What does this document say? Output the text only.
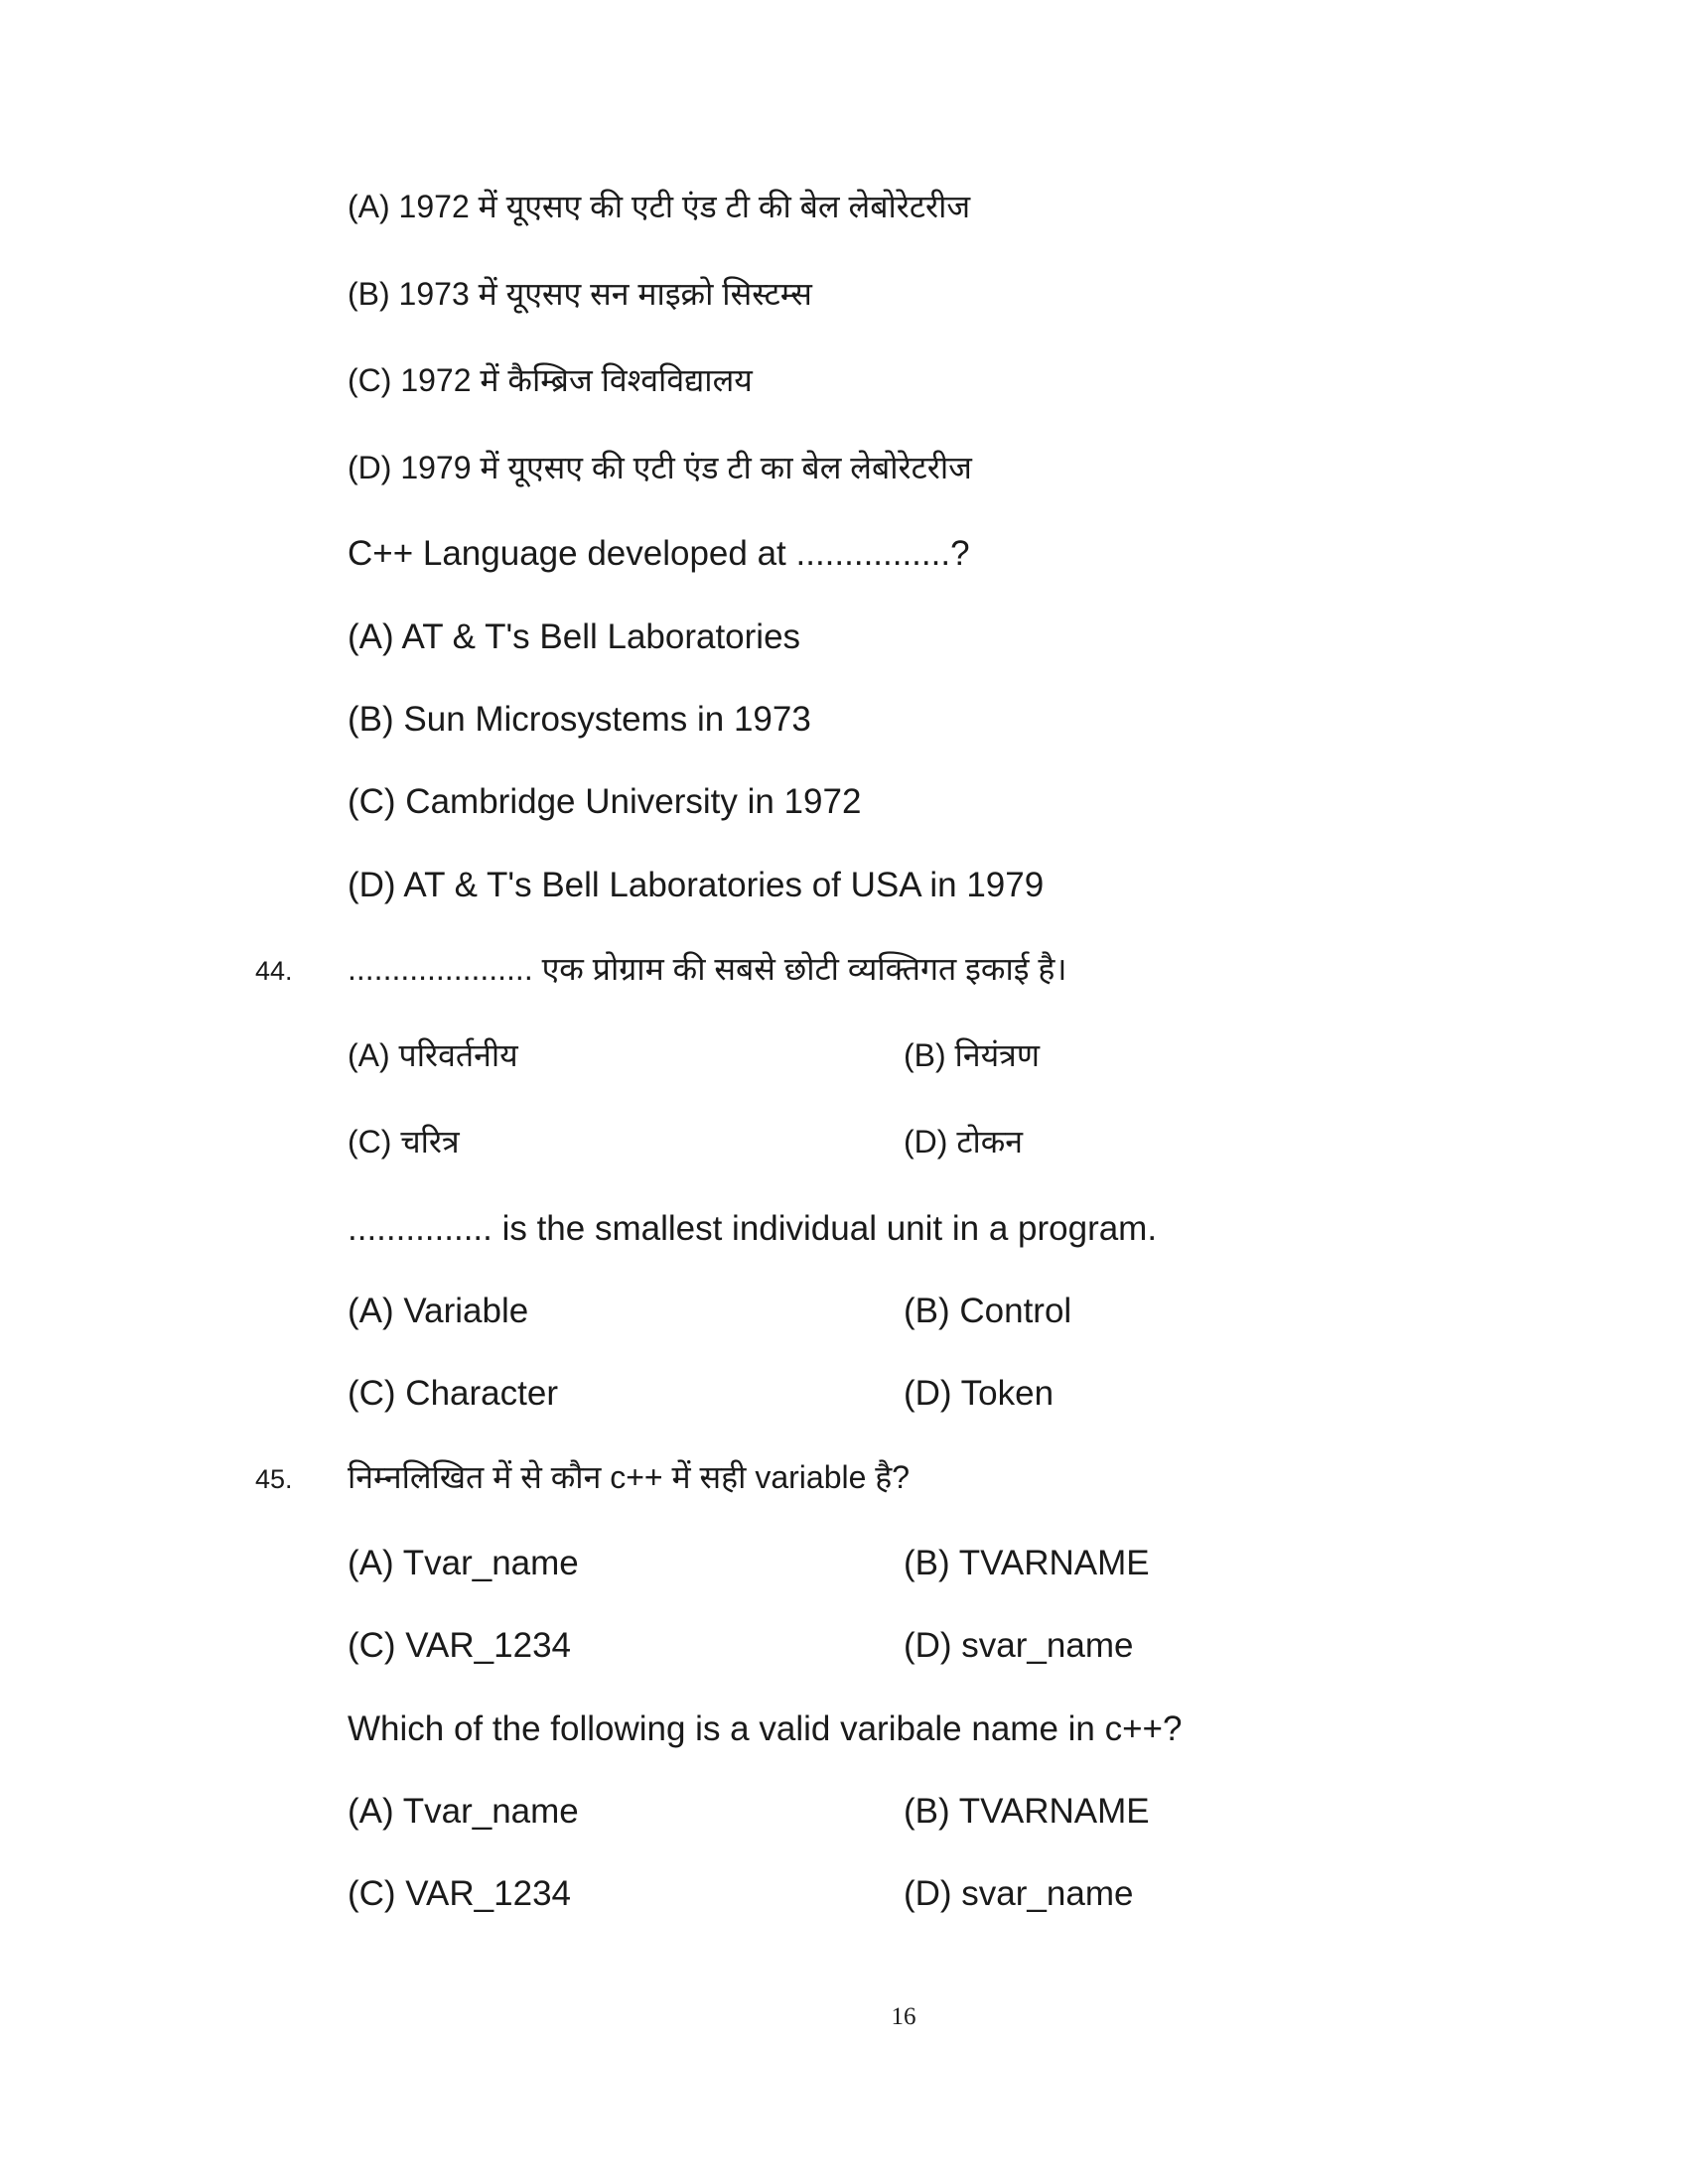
(A) 1972 में यूएसए की एटी एंड टी की बेल लेबोरेटरीज
(B) 1973 में यूएसए सन माइक्रो सिस्टम्स
(C) 1972 में कैम्ब्रिज विश्वविद्यालय
(D) 1979 में यूएसए की एटी एंड टी का बेल लेबोरेटरीज
C++ Language developed at ................?
(A) AT & T's Bell Laboratories
(B) Sun Microsystems in 1973
(C) Cambridge University in 1972
(D) AT & T's Bell Laboratories of USA in 1979
44. ..................... एक प्रोग्राम की सबसे छोटी व्यक्तिगत इकाई है।
(A) परिवर्तनीय	(B) नियंत्रण
(C) चरित्र	(D) टोकन
............... is the smallest individual unit in a program.
(A) Variable	(B) Control
(C) Character	(D) Token
45. निम्नलिखित में से कौन c++ में सही variable है?
(A) Tvar_name	(B) TVARNAME
(C) VAR_1234	(D) svar_name
Which of the following is a valid varibale name in c++?
(A) Tvar_name	(B) TVARNAME
(C) VAR_1234	(D) svar_name
16
